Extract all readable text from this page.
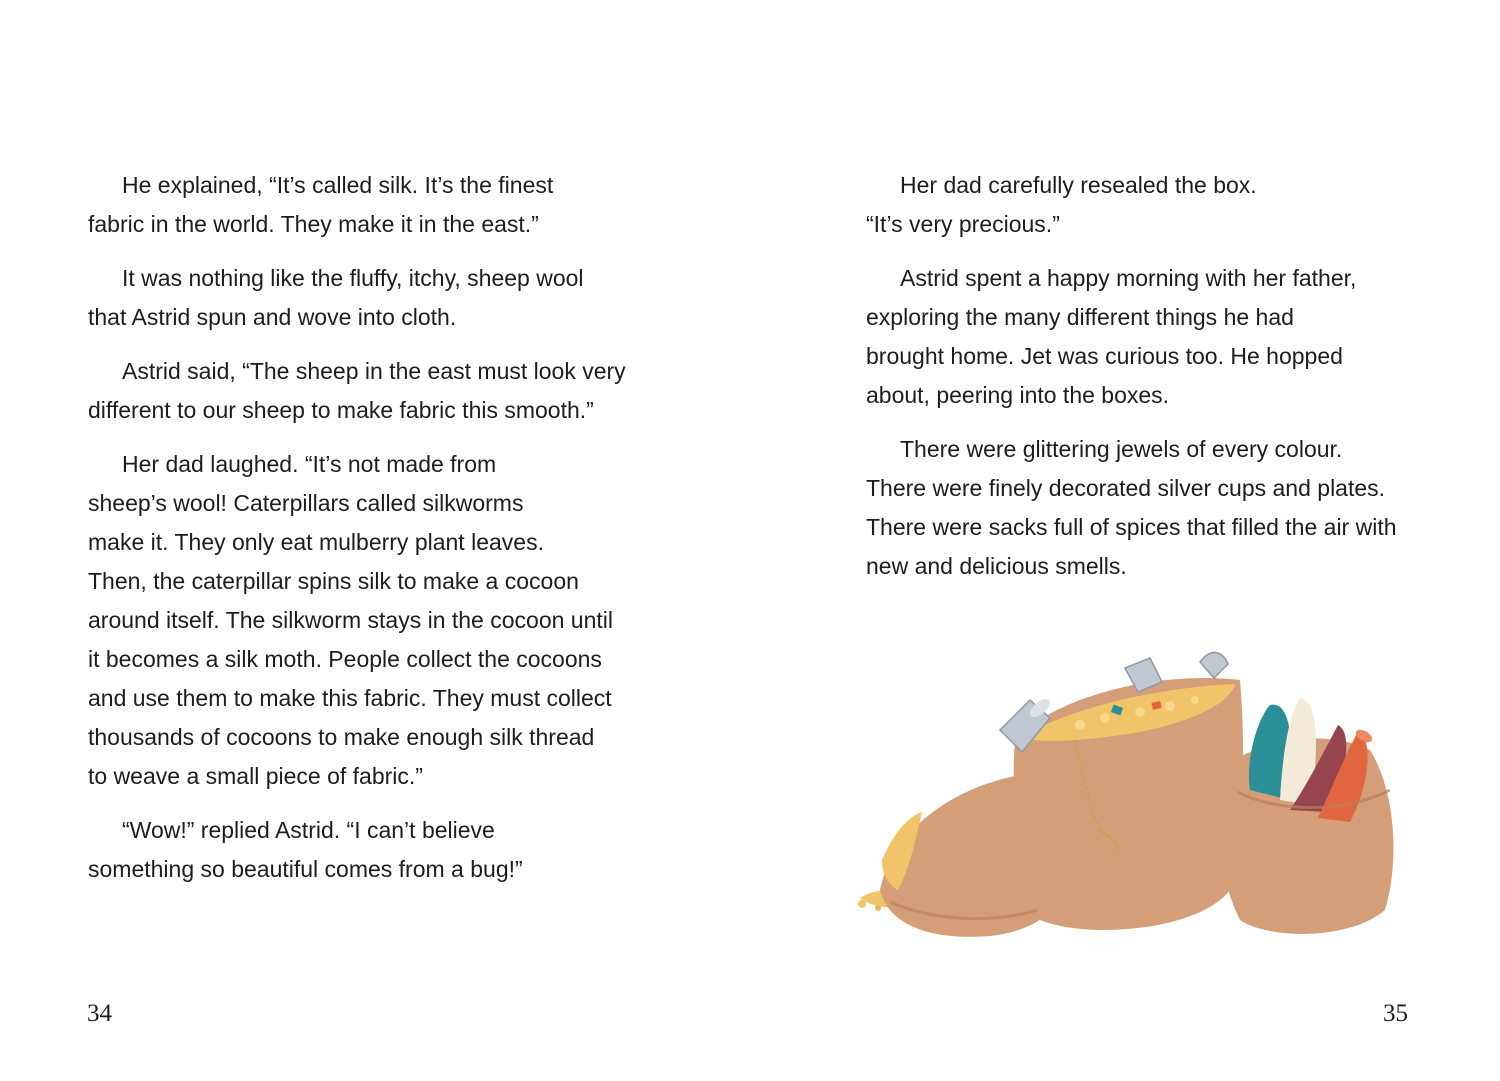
He explained, “It’s called silk. It’s the finest
fabric in the world. They make it in the east.”
It was nothing like the fluffy, itchy, sheep wool
that Astrid spun and wove into cloth.
Astrid said, “The sheep in the east must look very
different to our sheep to make fabric this smooth.”
Her dad laughed. “It’s not made from
sheep’s wool! Caterpillars called silkworms
make it. They only eat mulberry plant leaves.
Then, the caterpillar spins silk to make a cocoon
around itself. The silkworm stays in the cocoon until
it becomes a silk moth. People collect the cocoons
and use them to make this fabric. They must collect
thousands of cocoons to make enough silk thread
to weave a small piece of fabric.”
“Wow!” replied Astrid. “I can’t believe
something so beautiful comes from a bug!”
34
Her dad carefully resealed the box.
“It’s very precious.”
Astrid spent a happy morning with her father,
exploring the many different things he had
brought home. Jet was curious too. He hopped
about, peering into the boxes.
There were glittering jewels of every colour.
There were finely decorated silver cups and plates.
There were sacks full of spices that filled the air with
new and delicious smells.
35
